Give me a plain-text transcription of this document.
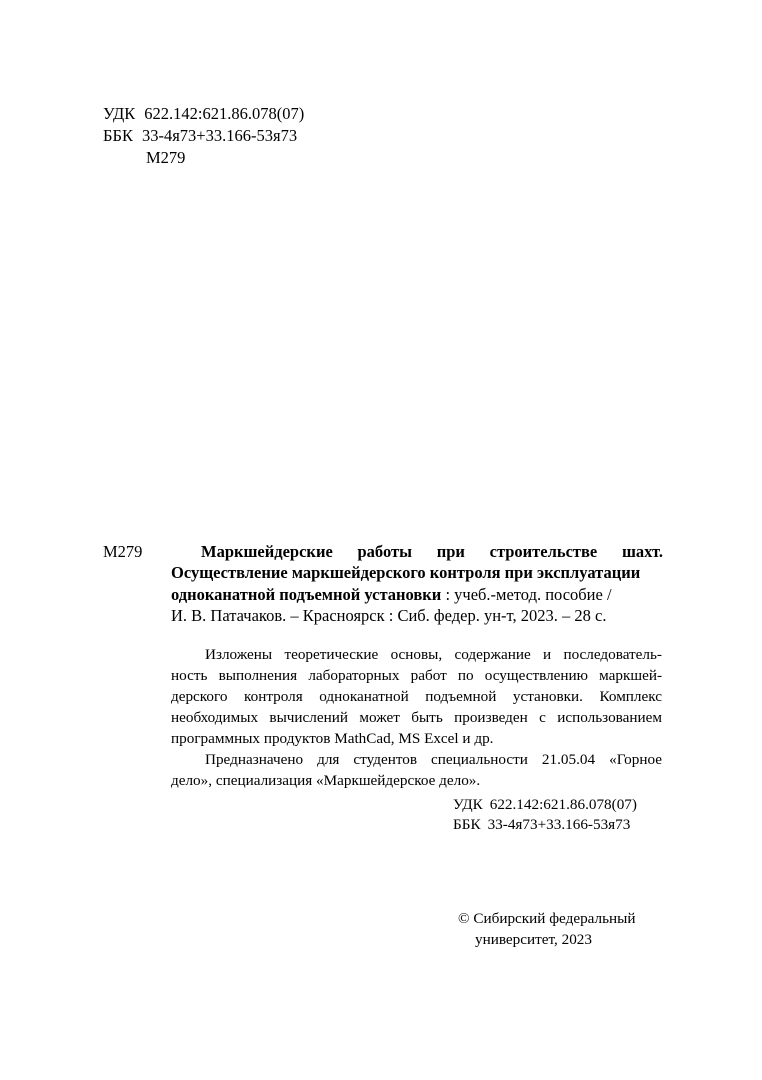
УДК 622.142:621.86.078(07)
ББК 33-4я73+33.166-53я73
М279
М279	Маркшейдерские работы при строительстве шахт.
Осуществление маркшейдерского контроля при эксплуатации
одноканатной подъемной установки : учеб.-метод. пособие /
И. В. Патачаков. – Красноярск : Сиб. федер. ун-т, 2023. – 28 с.
Изложены теоретические основы, содержание и последователь-
ность выполнения лабораторных работ по осуществлению маркшей-
дерского контроля одноканатной подъемной установки. Комплекс
необходимых вычислений может быть произведен с использованием
программных продуктов MathCad, MS Excel и др.
Предназначено для студентов специальности 21.05.04 «Горное
дело», специализация «Маркшейдерское дело».
УДК 622.142:621.86.078(07)
ББК 33-4я73+33.166-53я73
© Сибирский федеральный
университет, 2023
